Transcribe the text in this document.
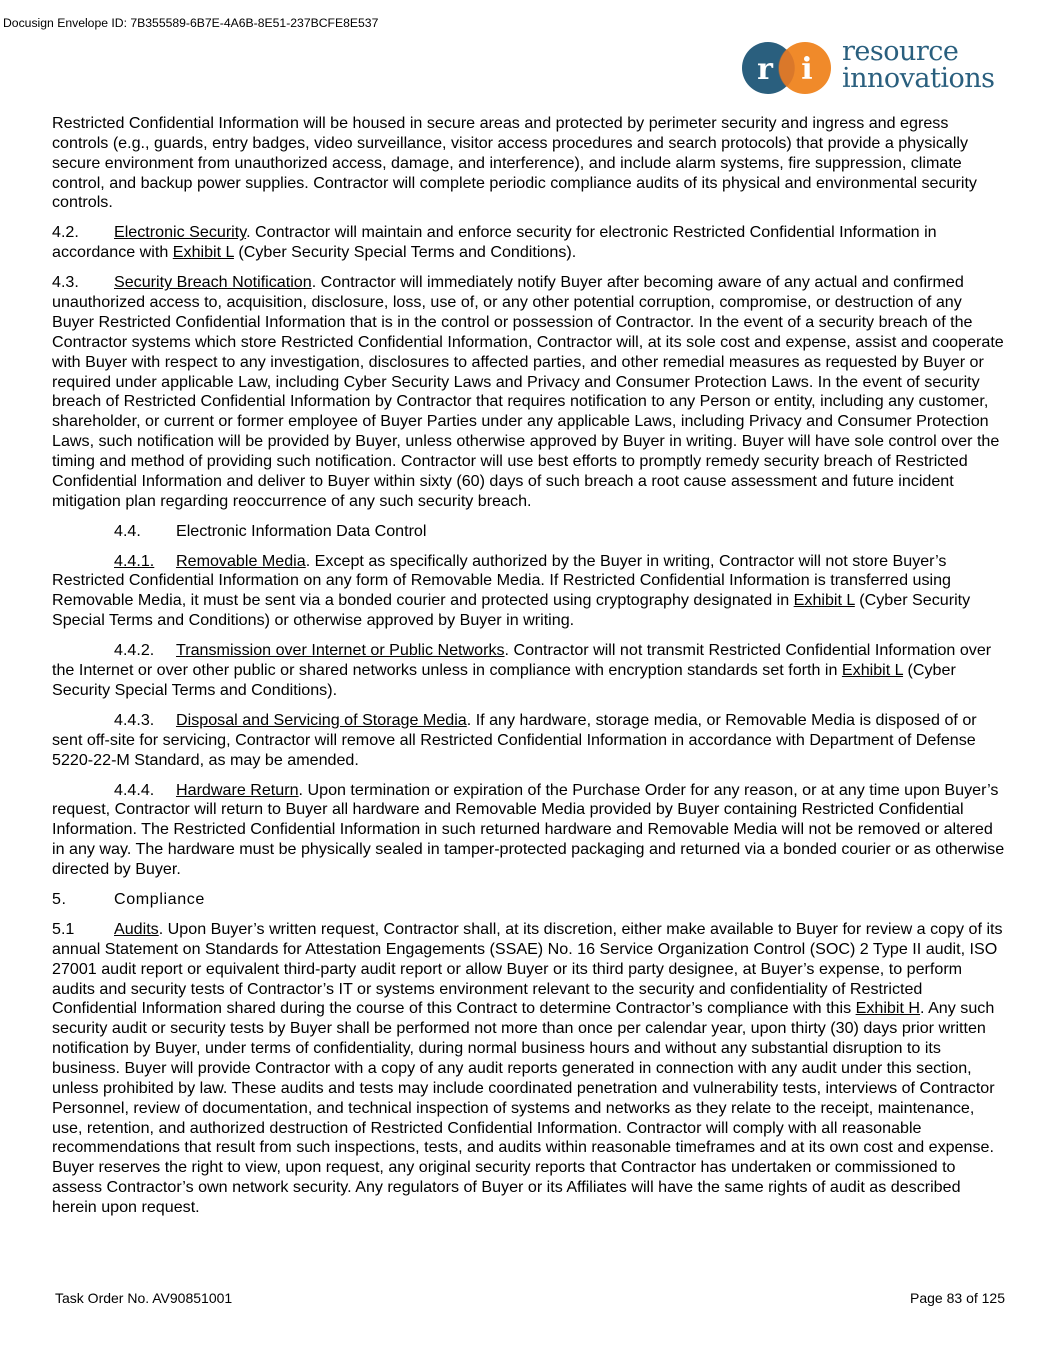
Docusign Envelope ID: 7B355589-6B7E-4A6B-8E51-237BCFE8E537
r i
resource
innovations

Restricted Confidential Information will be housed in secure areas and protected by perimeter security and ingress and egress controls (e.g., guards, entry badges, video surveillance, visitor access procedures and search protocols) that provide a physically secure environment from unauthorized access, damage, and interference), and include alarm systems, fire suppression, climate control, and backup power supplies. Contractor will complete periodic compliance audits of its physical and environmental security controls.

4.2. Electronic Security. Contractor will maintain and enforce security for electronic Restricted Confidential Information in accordance with Exhibit L (Cyber Security Special Terms and Conditions).

4.3. Security Breach Notification. Contractor will immediately notify Buyer after becoming aware of any actual and confirmed unauthorized access to, acquisition, disclosure, loss, use of, or any other potential corruption, compromise, or destruction of any Buyer Restricted Confidential Information that is in the control or possession of Contractor. In the event of a security breach of the Contractor systems which store Restricted Confidential Information, Contractor will, at its sole cost and expense, assist and cooperate with Buyer with respect to any investigation, disclosures to affected parties, and other remedial measures as requested by Buyer or required under applicable Law, including Cyber Security Laws and Privacy and Consumer Protection Laws. In the event of security breach of Restricted Confidential Information by Contractor that requires notification to any Person or entity, including any customer, shareholder, or current or former employee of Buyer Parties under any applicable Laws, including Privacy and Consumer Protection Laws, such notification will be provided by Buyer, unless otherwise approved by Buyer in writing. Buyer will have sole control over the timing and method of providing such notification. Contractor will use best efforts to promptly remedy security breach of Restricted Confidential Information and deliver to Buyer within sixty (60) days of such breach a root cause assessment and future incident mitigation plan regarding reoccurrence of any such security breach.

4.4. Electronic Information Data Control

4.4.1. Removable Media. Except as specifically authorized by the Buyer in writing, Contractor will not store Buyer’s Restricted Confidential Information on any form of Removable Media. If Restricted Confidential Information is transferred using Removable Media, it must be sent via a bonded courier and protected using cryptography designated in Exhibit L (Cyber Security Special Terms and Conditions) or otherwise approved by Buyer in writing.

4.4.2. Transmission over Internet or Public Networks. Contractor will not transmit Restricted Confidential Information over the Internet or over other public or shared networks unless in compliance with encryption standards set forth in Exhibit L (Cyber Security Special Terms and Conditions).

4.4.3. Disposal and Servicing of Storage Media. If any hardware, storage media, or Removable Media is disposed of or sent off-site for servicing, Contractor will remove all Restricted Confidential Information in accordance with Department of Defense 5220-22-M Standard, as may be amended.

4.4.4. Hardware Return. Upon termination or expiration of the Purchase Order for any reason, or at any time upon Buyer’s request, Contractor will return to Buyer all hardware and Removable Media provided by Buyer containing Restricted Confidential Information. The Restricted Confidential Information in such returned hardware and Removable Media will not be removed or altered in any way. The hardware must be physically sealed in tamper-protected packaging and returned via a bonded courier or as otherwise directed by Buyer.

5.	Compliance

5.1 Audits. Upon Buyer’s written request, Contractor shall, at its discretion, either make available to Buyer for review a copy of its annual Statement on Standards for Attestation Engagements (SSAE) No. 16 Service Organization Control (SOC) 2 Type II audit, ISO 27001 audit report or equivalent third-party audit report or allow Buyer or its third party designee, at Buyer’s expense, to perform audits and security tests of Contractor’s IT or systems environment relevant to the security and confidentiality of Restricted Confidential Information shared during the course of this Contract to determine Contractor’s compliance with this Exhibit H. Any such security audit or security tests by Buyer shall be performed not more than once per calendar year, upon thirty (30) days prior written notification by Buyer, under terms of confidentiality, during normal business hours and without any substantial disruption to its business. Buyer will provide Contractor with a copy of any audit reports generated in connection with any audit under this section, unless prohibited by law. These audits and tests may include coordinated penetration and vulnerability tests, interviews of Contractor Personnel, review of documentation, and technical inspection of systems and networks as they relate to the receipt, maintenance, use, retention, and authorized destruction of Restricted Confidential Information. Contractor will comply with all reasonable recommendations that result from such inspections, tests, and audits within reasonable timeframes and at its own cost and expense. Buyer reserves the right to view, upon request, any original security reports that Contractor has undertaken or commissioned to assess Contractor’s own network security. Any regulators of Buyer or its Affiliates will have the same rights of audit as described herein upon request.

Task Order No. AV90851001	Page 83 of 125
